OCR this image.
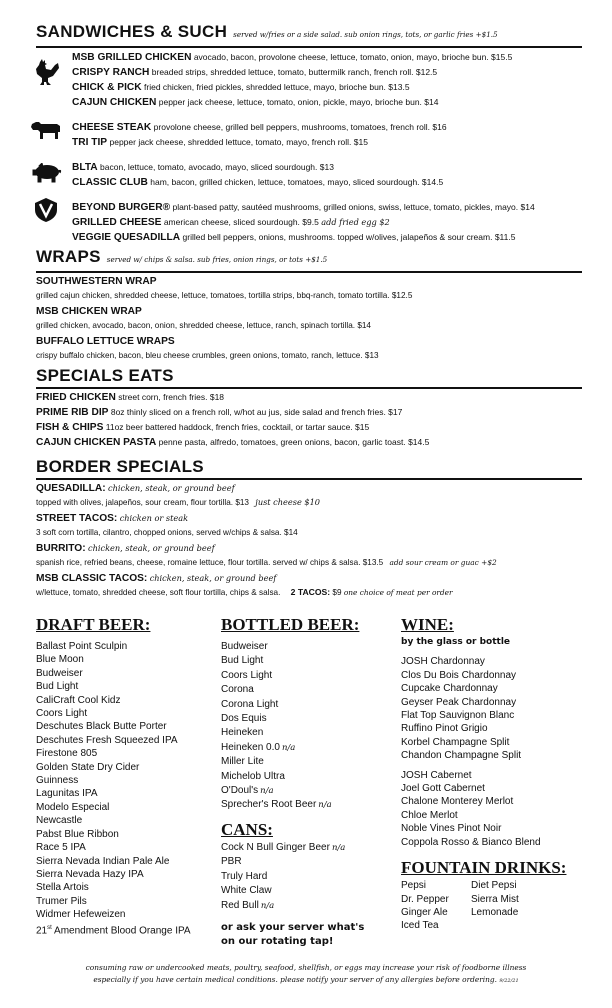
SANDWICHES & SUCH served w/fries or a side salad. sub onion rings, tots, or garlic fries +$1.5
MSB GRILLED CHICKEN avocado, bacon, provolone cheese, lettuce, tomato, onion, mayo, brioche bun. $15.5
CRISPY RANCH breaded strips, shredded lettuce, tomato, buttermilk ranch, french roll. $12.5
CHICK & PICK fried chicken, fried pickles, shredded lettuce, mayo, brioche bun. $13.5
CAJUN CHICKEN pepper jack cheese, lettuce, tomato, onion, pickle, mayo, brioche bun. $14
CHEESE STEAK provolone cheese, grilled bell peppers, mushrooms, tomatoes, french roll. $16
TRI TIP pepper jack cheese, shredded lettuce, tomato, mayo, french roll. $15
BLTA bacon, lettuce, tomato, avocado, mayo, sliced sourdough. $13
CLASSIC CLUB ham, bacon, grilled chicken, lettuce, tomatoes, mayo, sliced sourdough. $14.5
BEYOND BURGER® plant-based patty, sautéed mushrooms, grilled onions, swiss, lettuce, tomato, pickles, mayo. $14
GRILLED CHEESE american cheese, sliced sourdough. $9.5 add fried egg $2
VEGGIE QUESADILLA grilled bell peppers, onions, mushrooms. topped w/olives, jalapeños & sour cream. $11.5
WRAPS served w/ chips & salsa. sub fries, onion rings, or tots +$1.5
SOUTHWESTERN WRAP
grilled cajun chicken, shredded cheese, lettuce, tomatoes, tortilla strips, bbq-ranch, tomato tortilla. $12.5
MSB CHICKEN WRAP
grilled chicken, avocado, bacon, onion, shredded cheese, lettuce, ranch, spinach tortilla. $14
BUFFALO LETTUCE WRAPS
crispy buffalo chicken, bacon, bleu cheese crumbles, green onions, tomato, ranch, lettuce. $13
SPECIALS EATS
FRIED CHICKEN street corn, french fries. $18
PRIME RIB DIP 8oz thinly sliced on a french roll, w/hot au jus, side salad and french fries. $17
FISH & CHIPS 11oz beer battered haddock, french fries, cocktail, or tartar sauce. $15
CAJUN CHICKEN PASTA penne pasta, alfredo, tomatoes, green onions, bacon, garlic toast. $14.5
BORDER SPECIALS
QUESADILLA: chicken, steak, or ground beef
topped with olives, jalapeños, sour cream, flour tortilla. $13 just cheese $10
STREET TACOS: chicken or steak
3 soft corn tortilla, cilantro, chopped onions, served w/chips & salsa. $14
BURRITO: chicken, steak, or ground beef
spanish rice, refried beans, cheese, romaine lettuce, flour tortilla. served w/ chips & salsa. $13.5 add sour cream or guac +$2
MSB CLASSIC TACOS: chicken, steak, or ground beef
w/lettuce, tomato, shredded cheese, soft flour tortilla, chips & salsa. 2 TACOS: $9 one choice of meat per order
DRAFT BEER:
Ballast Point Sculpin
Blue Moon
Budweiser
Bud Light
CaliCraft Cool Kidz
Coors Light
Deschutes Black Butte Porter
Deschutes Fresh Squeezed IPA
Firestone 805
Golden State Dry Cider
Guinness
Lagunitas IPA
Modelo Especial
Newcastle
Pabst Blue Ribbon
Race 5 IPA
Sierra Nevada Indian Pale Ale
Sierra Nevada Hazy IPA
Stella Artois
Trumer Pils
Widmer Hefeweizen
21st Amendment Blood Orange IPA
BOTTLED BEER:
Budweiser
Bud Light
Coors Light
Corona
Corona Light
Dos Equis
Heineken
Heineken 0.0 n/a
Miller Lite
Michelob Ultra
O'Doul's n/a
Sprecher's Root Beer n/a
CANS:
Cock N Bull Ginger Beer n/a
PBR
Truly Hard
White Claw
Red Bull n/a
or ask your server what's
on our rotating tap!
WINE:
by the glass or bottle
JOSH Chardonnay
Clos Du Bois Chardonnay
Cupcake Chardonnay
Geyser Peak Chardonnay
Flat Top Sauvignon Blanc
Ruffino Pinot Grigio
Korbel Champagne Split
Chandon Champagne Split
JOSH Cabernet
Joel Gott Cabernet
Chalone Monterey Merlot
Chloe Merlot
Noble Vines Pinot Noir
Coppola Rosso & Bianco Blend
FOUNTAIN DRINKS:
Pepsi
Dr. Pepper
Ginger Ale
Iced Tea
Diet Pepsi
Sierra Mist
Lemonade
consuming raw or undercooked meats, poultry, seafood, shellfish, or eggs may increase your risk of foodborne illness
especially if you have certain medical conditions. please notify your server of any allergies before ordering. 9/22/21
